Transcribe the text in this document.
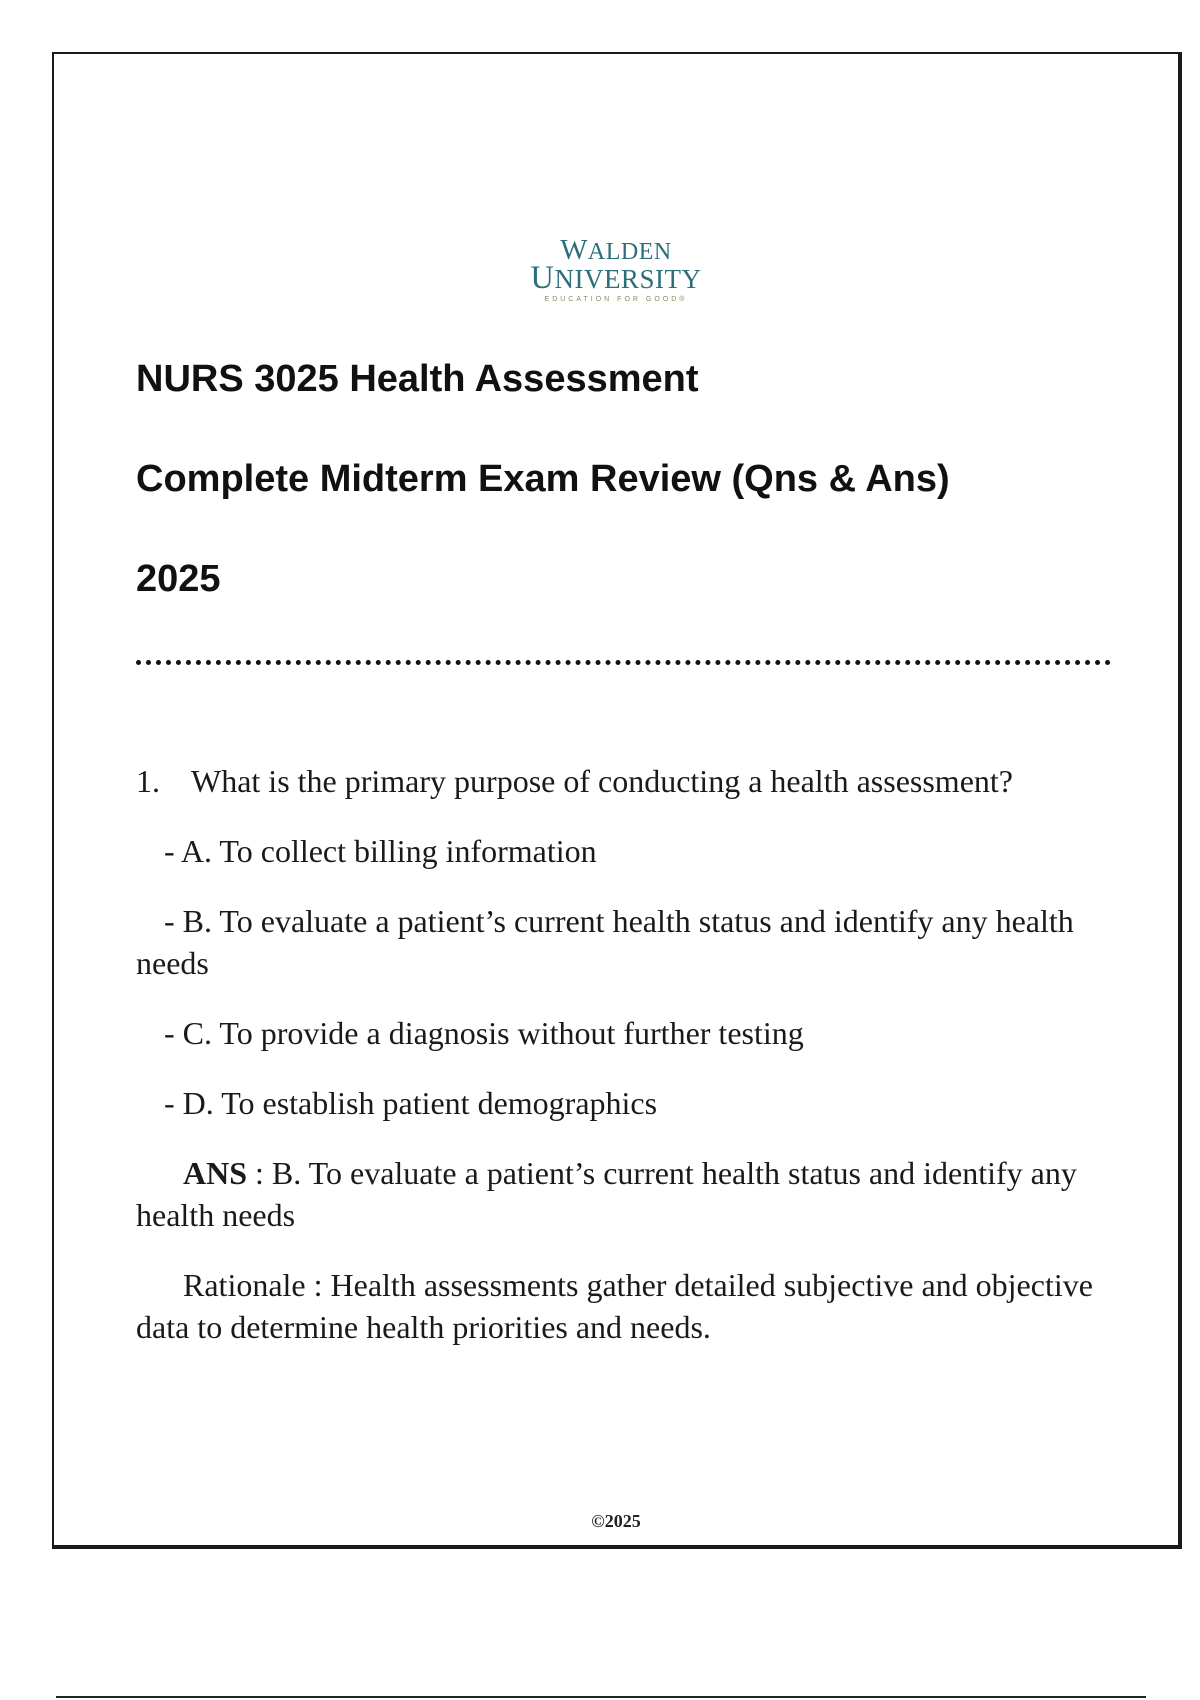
WALDEN
UNIVERSITY
EDUCATION FOR GOOD®
NURS 3025 Health Assessment
Complete Midterm Exam Review (Qns & Ans)
2025

1. What is the primary purpose of conducting a health assessment?

- A. To collect billing information

- B. To evaluate a patient’s current health status and identify any health needs

- C. To provide a diagnosis without further testing

- D. To establish patient demographics

ANS : B. To evaluate a patient’s current health status and identify any health needs

Rationale : Health assessments gather detailed subjective and objective data to determine health priorities and needs.

©2025
